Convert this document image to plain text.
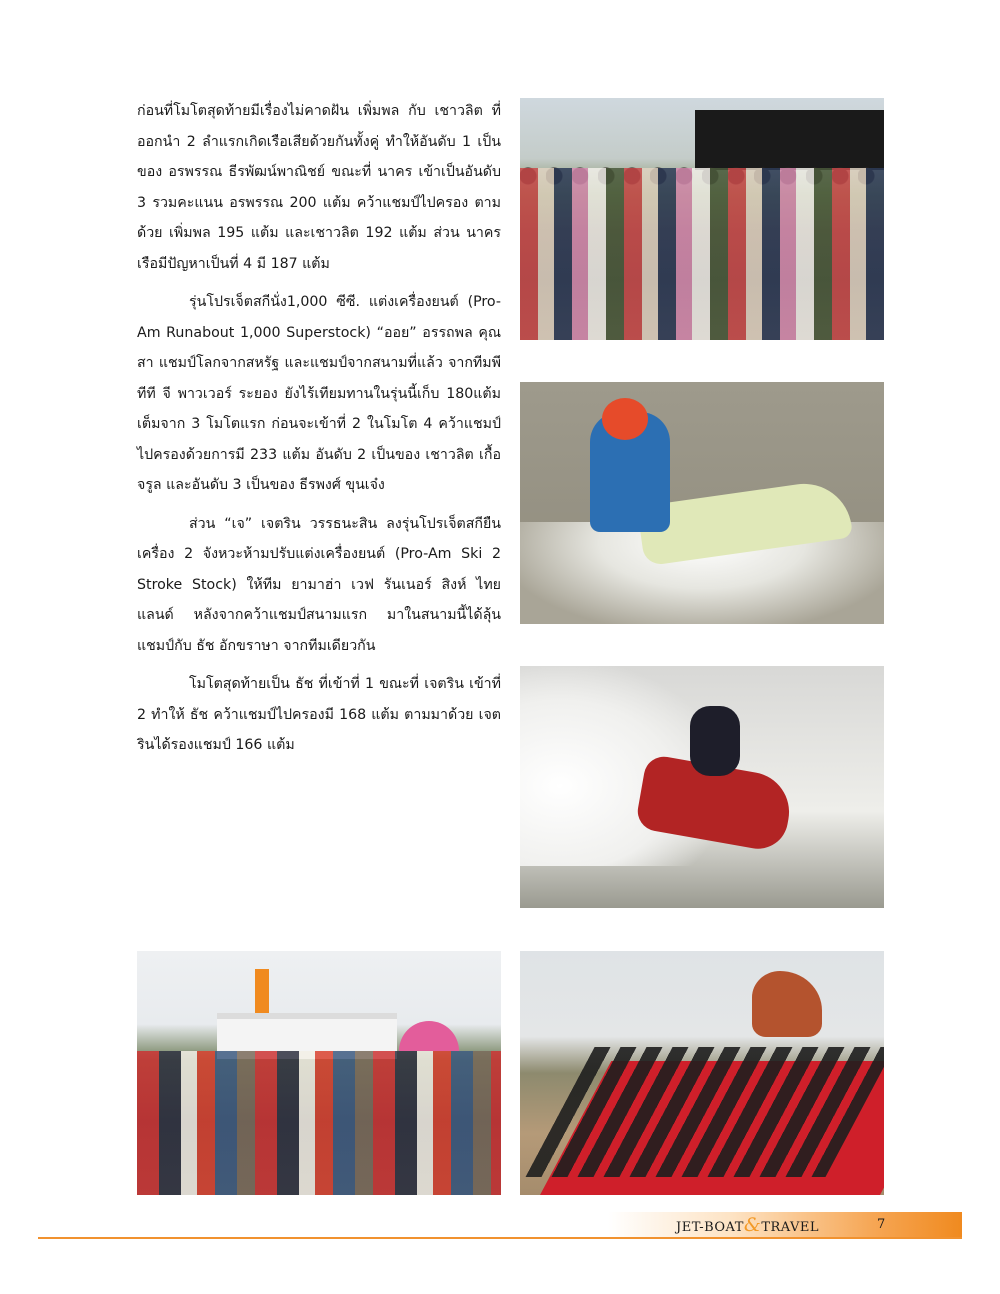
ก่อนที่โมโตสุดท้ายมีเรื่องไม่คาดฝัน เพิ่มพล กับ เชาวลิต ที่ออกนำ 2 ลำแรกเกิดเรือเสียด้วยกันทั้งคู่ ทำให้อันดับ 1 เป็นของ อรพรรณ ธีรพัฒน์พาณิชย์ ขณะที่ นาคร เข้าเป็นอันดับ 3 รวมคะแนน อรพรรณ 200 แต้ม คว้าแชมป์ไปครอง ตามด้วย เพิ่มพล 195 แต้ม และเชาวลิต 192 แต้ม ส่วน นาคร เรือมีปัญหาเป็นที่ 4 มี 187 แต้ม

รุ่นโปรเจ็ตสกีนั่ง1,000 ซีซี. แต่งเครื่องยนต์ (Pro-Am Runabout 1,000 Superstock) “ออย” อรรถพล คุณสา แชมป์โลกจากสหรัฐ และแชมป์จากสนามที่แล้ว จากทีมพีทีที จี พาวเวอร์ ระยอง ยังไร้เทียมทานในรุ่นนี้เก็บ 180แต้มเต็มจาก 3 โมโตแรก ก่อนจะเข้าที่ 2 ในโมโต 4 คว้าแชมป์ไปครองด้วยการมี 233 แต้ม อันดับ 2 เป็นของ เชาวลิต เกื้อจรูล และอันดับ 3 เป็นของ ธีรพงศ์ ขุนเจ๋ง

ส่วน “เจ” เจตริน วรรธนะสิน ลงรุ่นโปรเจ็ตสกียืนเครื่อง 2 จังหวะห้ามปรับแต่งเครื่องยนต์ (Pro-Am Ski 2 Stroke Stock) ให้ทีม ยามาฮ่า เวฟ รันเนอร์ สิงห์ ไทยแลนด์ หลังจากคว้าแชมป์สนามแรก มาในสนามนี้ได้ลุ้นแชมป์กับ ธัช อักขราษา จากทีมเดียวกัน

โมโตสุดท้ายเป็น ธัช ที่เข้าที่ 1 ขณะที่ เจตริน เข้าที่ 2 ทำให้ ธัช คว้าแชมป์ไปครองมี 168 แต้ม ตามมาด้วย เจตรินได้รองแชมป์ 166 แต้ม

JET-BOAT&TRAVEL	7
